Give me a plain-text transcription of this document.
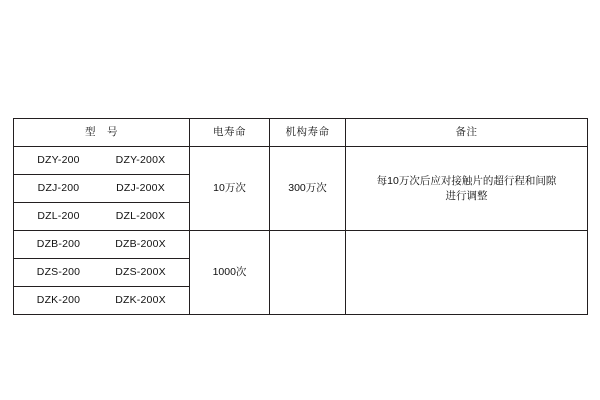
型　号	电寿命	机构寿命	备注
DZY-200 DZY-200X	10万次	300万次	每10万次后应对接触片的超行程和间隙
进行调整

DZJ-200 DZJ-200X			
DZL-200 DZL-200X			
DZB-200 DZB-200X	1000次		
DZS-200 DZS-200X			
DZK-200 DZK-200X			
